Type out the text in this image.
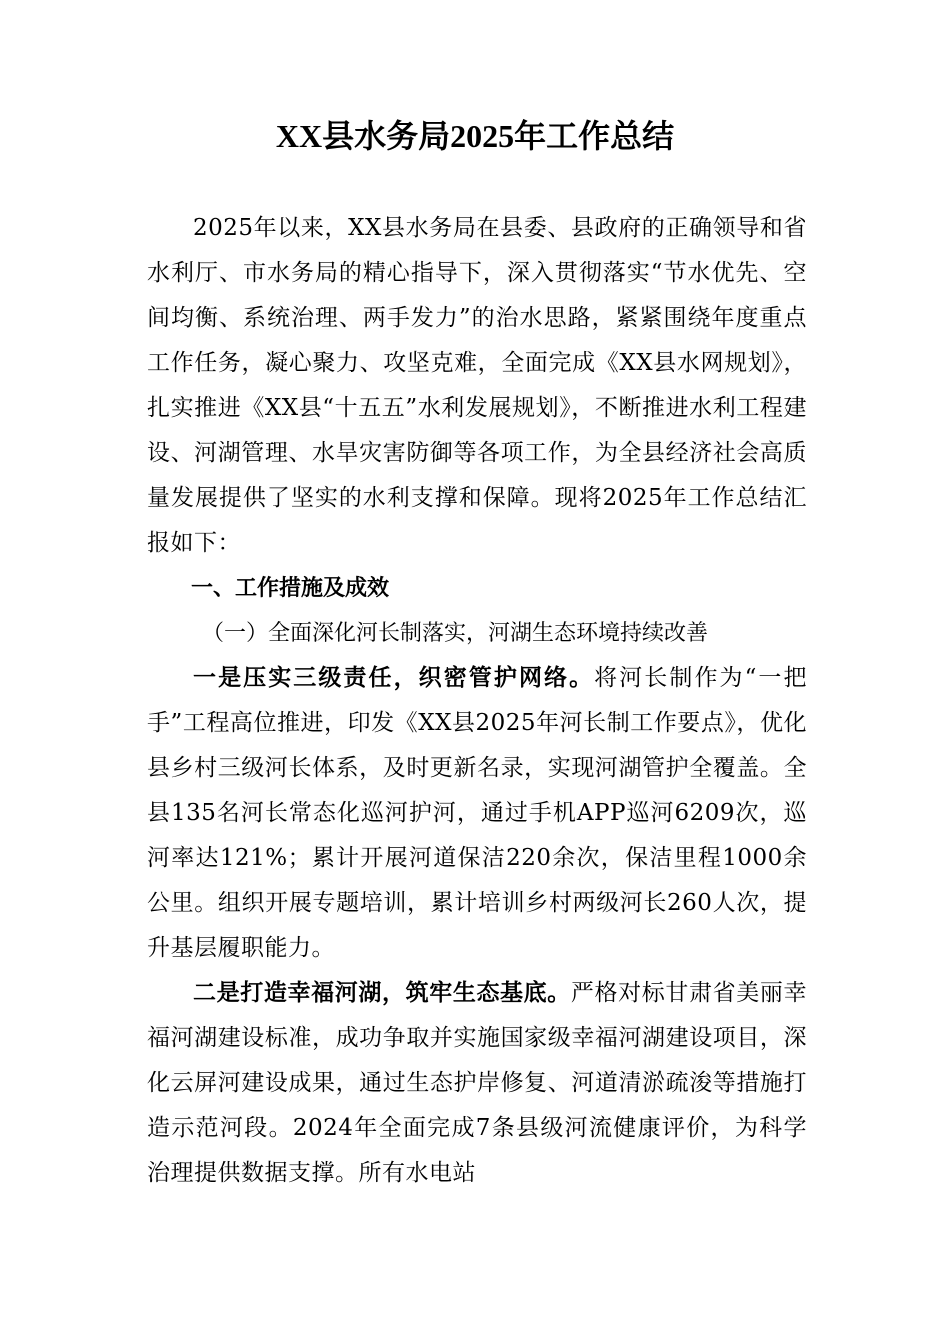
XX县水务局2025年工作总结

2025年以来，XX县水务局在县委、县政府的正确领导和省水利厅、市水务局的精心指导下，深入贯彻落实“节水优先、空间均衡、系统治理、两手发力”的治水思路，紧紧围绕年度重点工作任务，凝心聚力、攻坚克难，全面完成《XX县水网规划》，扎实推进《XX县“十五五”水利发展规划》，不断推进水利工程建设、河湖管理、水旱灾害防御等各项工作，为全县经济社会高质量发展提供了坚实的水利支撑和保障。现将2025年工作总结汇报如下：

一、工作措施及成效

（一）全面深化河长制落实，河湖生态环境持续改善

一是压实三级责任，织密管护网络。将河长制作为“一把手”工程高位推进，印发《XX县2025年河长制工作要点》，优化县乡村三级河长体系，及时更新名录，实现河湖管护全覆盖。全县135名河长常态化巡河护河，通过手机APP巡河6209次，巡河率达121%；累计开展河道保洁220余次，保洁里程1000余公里。组织开展专题培训，累计培训乡村两级河长260人次，提升基层履职能力。

二是打造幸福河湖，筑牢生态基底。严格对标甘肃省美丽幸福河湖建设标准，成功争取并实施国家级幸福河湖建设项目，深化云屏河建设成果，通过生态护岸修复、河道清淤疏浚等措施打造示范河段。2024年全面完成7条县级河流健康评价，为科学治理提供数据支撑。所有水电站
